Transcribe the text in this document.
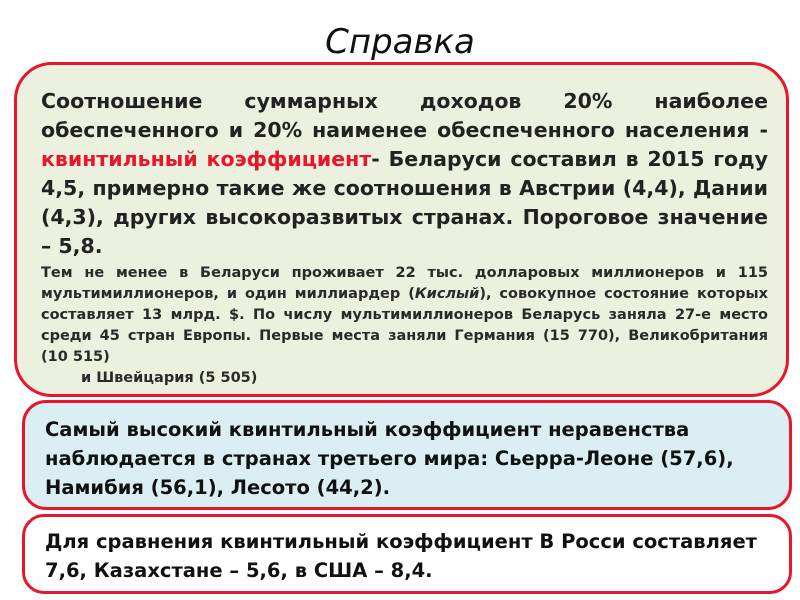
Справка

Соотношение суммарных доходов 20% наиболее обеспеченного и 20% наименее обеспеченного населения - квинтильный коэффициент- Беларуси составил в 2015 году 4,5, примерно такие же соотношения в Австрии (4,4), Дании (4,3), других высокоразвитых странах. Пороговое значение – 5,8.

Тем не менее в Беларуси проживает 22 тыс. долларовых миллионеров и 115 мультимиллионеров, и один миллиардер (Кислый), совокупное состояние которых составляет 13 млрд. $. По числу мультимиллионеров Беларусь заняла 27-е место среди 45 стран Европы. Первые места заняли Германия (15 770), Великобритания (10 515)
и Швейцария (5 505)

Самый высокий квинтильный коэффициент неравенства наблюдается в странах третьего мира: Сьерра-Леоне (57,6), Намибия (56,1), Лесото (44,2).

Для сравнения квинтильный коэффициент В Росси составляет 7,6, Казахстане – 5,6, в США – 8,4.
